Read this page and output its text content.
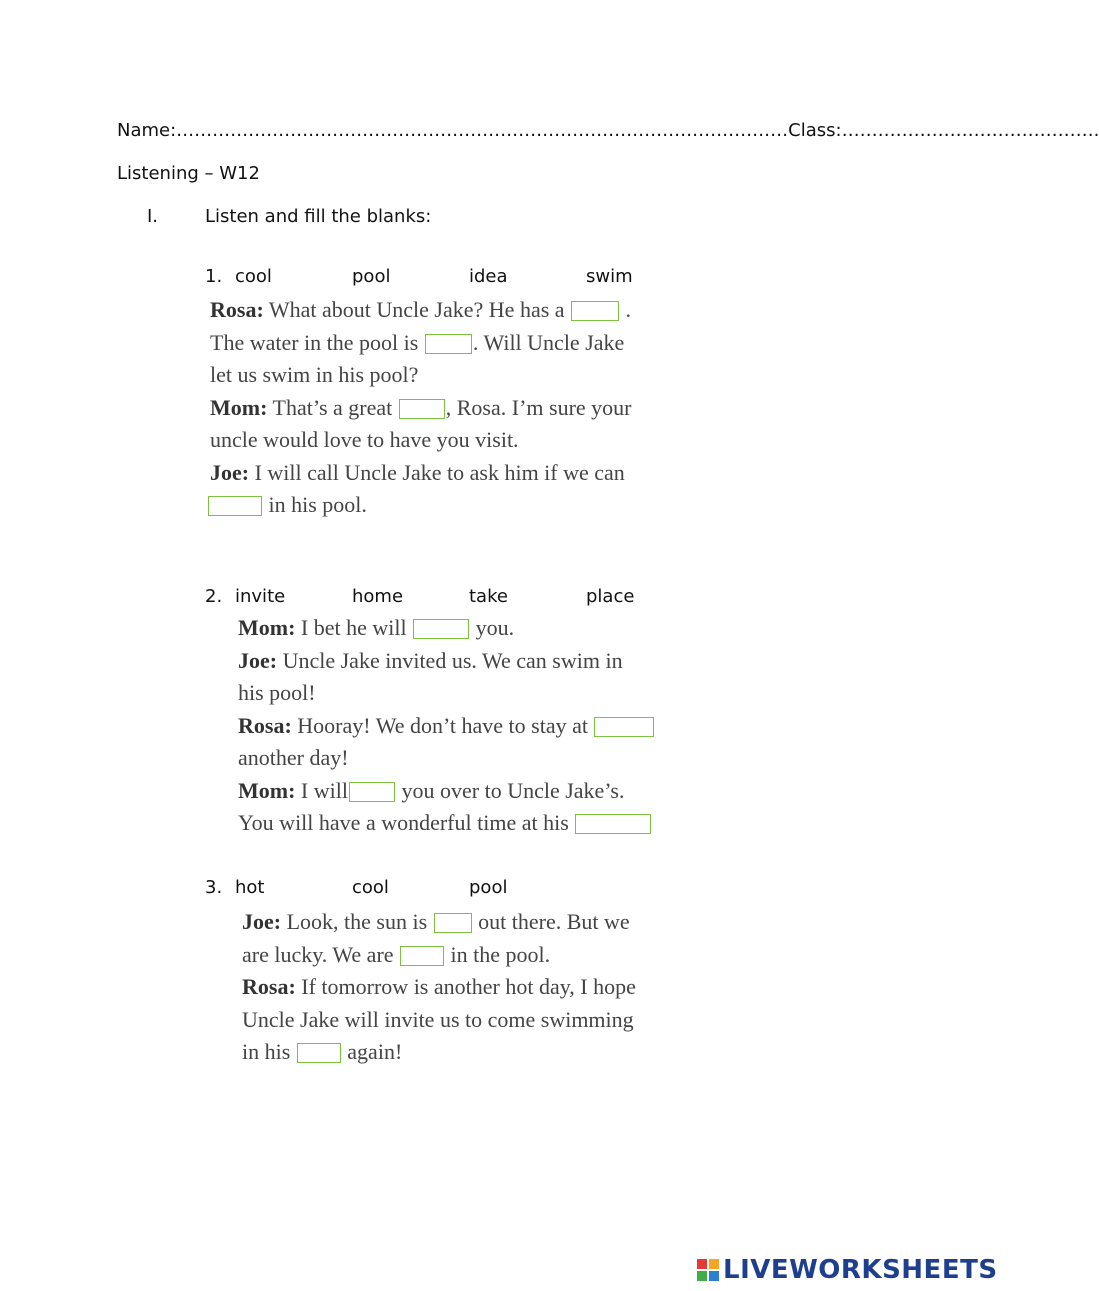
Name:…………………………………………………………………………………………Class:…………………………………….
Listening – W12
I.	Listen and fill the blanks:
1. cool	pool	idea	swim
Rosa: What about Uncle Jake? He has a  .
The water in the pool is . Will Uncle Jake
let us swim in his pool?
Mom: That’s a great , Rosa. I’m sure your
uncle would love to have you visit.
Joe: I will call Uncle Jake to ask him if we can
in his pool.
2. invite	home	take	place
Mom: I bet he will	you.
Joe: Uncle Jake invited us. We can swim in
his pool!
Rosa: Hooray! We don’t have to stay at
another day!
Mom: I will you over to Uncle Jake’s.
You will have a wonderful time at his
3. hot	cool	pool
Joe: Look, the sun is  out there. But we
are lucky. We are  in the pool.
Rosa: If tomorrow is another hot day, I hope
Uncle Jake will invite us to come swimming
in his  again!
LIVEWORKSHEETS
